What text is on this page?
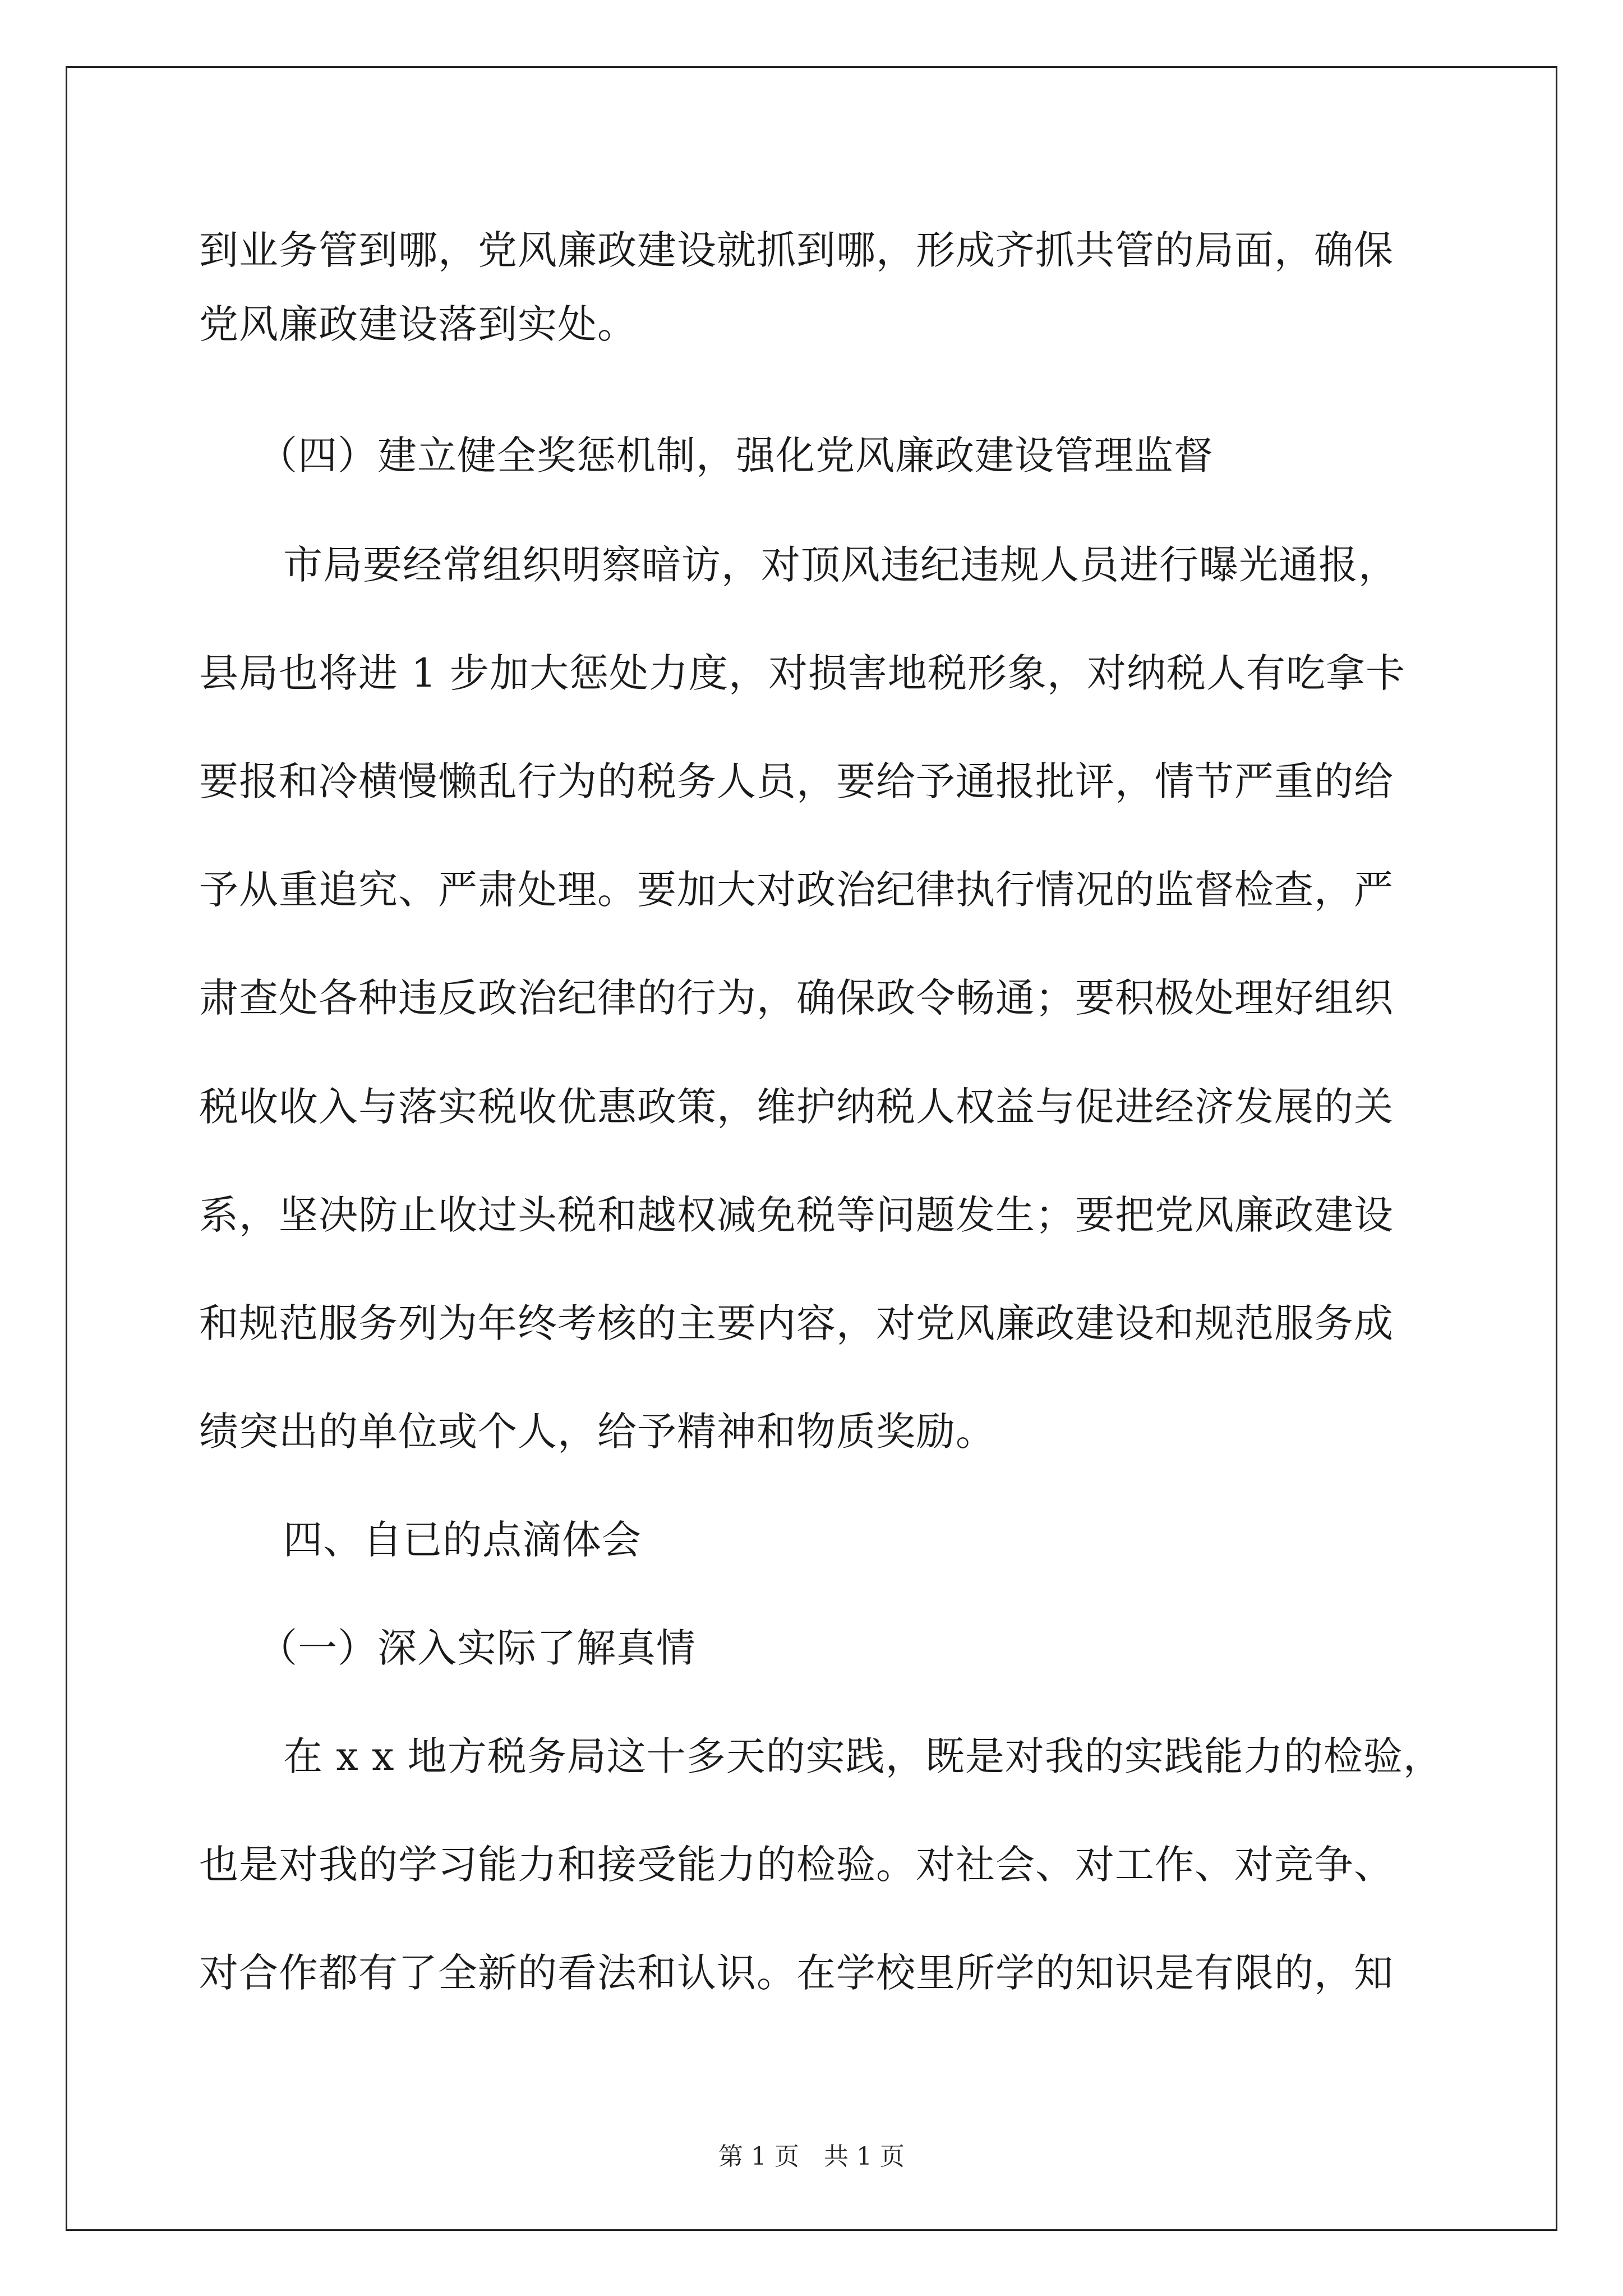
到业务管到哪，党风廉政建设就抓到哪，形成齐抓共管的局面，确保
党风廉政建设落到实处。
（四）建立健全奖惩机制，强化党风廉政建设管理监督
市局要经常组织明察暗访，对顶风违纪违规人员进行曝光通报，
县局也将进 1 步加大惩处力度，对损害地税形象，对纳税人有吃拿卡
要报和冷横慢懒乱行为的税务人员，要给予通报批评，情节严重的给
予从重追究、严肃处理。要加大对政治纪律执行情况的监督检查，严
肃查处各种违反政治纪律的行为，确保政令畅通；要积极处理好组织
税收收入与落实税收优惠政策，维护纳税人权益与促进经济发展的关
系，坚决防止收过头税和越权减免税等问题发生；要把党风廉政建设
和规范服务列为年终考核的主要内容，对党风廉政建设和规范服务成
绩突出的单位或个人，给予精神和物质奖励。
四、自已的点滴体会
（一）深入实际了解真情
在 x x 地方税务局这十多天的实践，既是对我的实践能力的检验，
也是对我的学习能力和接受能力的检验。对社会、对工作、对竞争、
对合作都有了全新的看法和认识。在学校里所学的知识是有限的，知
第 1 页　共 1 页
